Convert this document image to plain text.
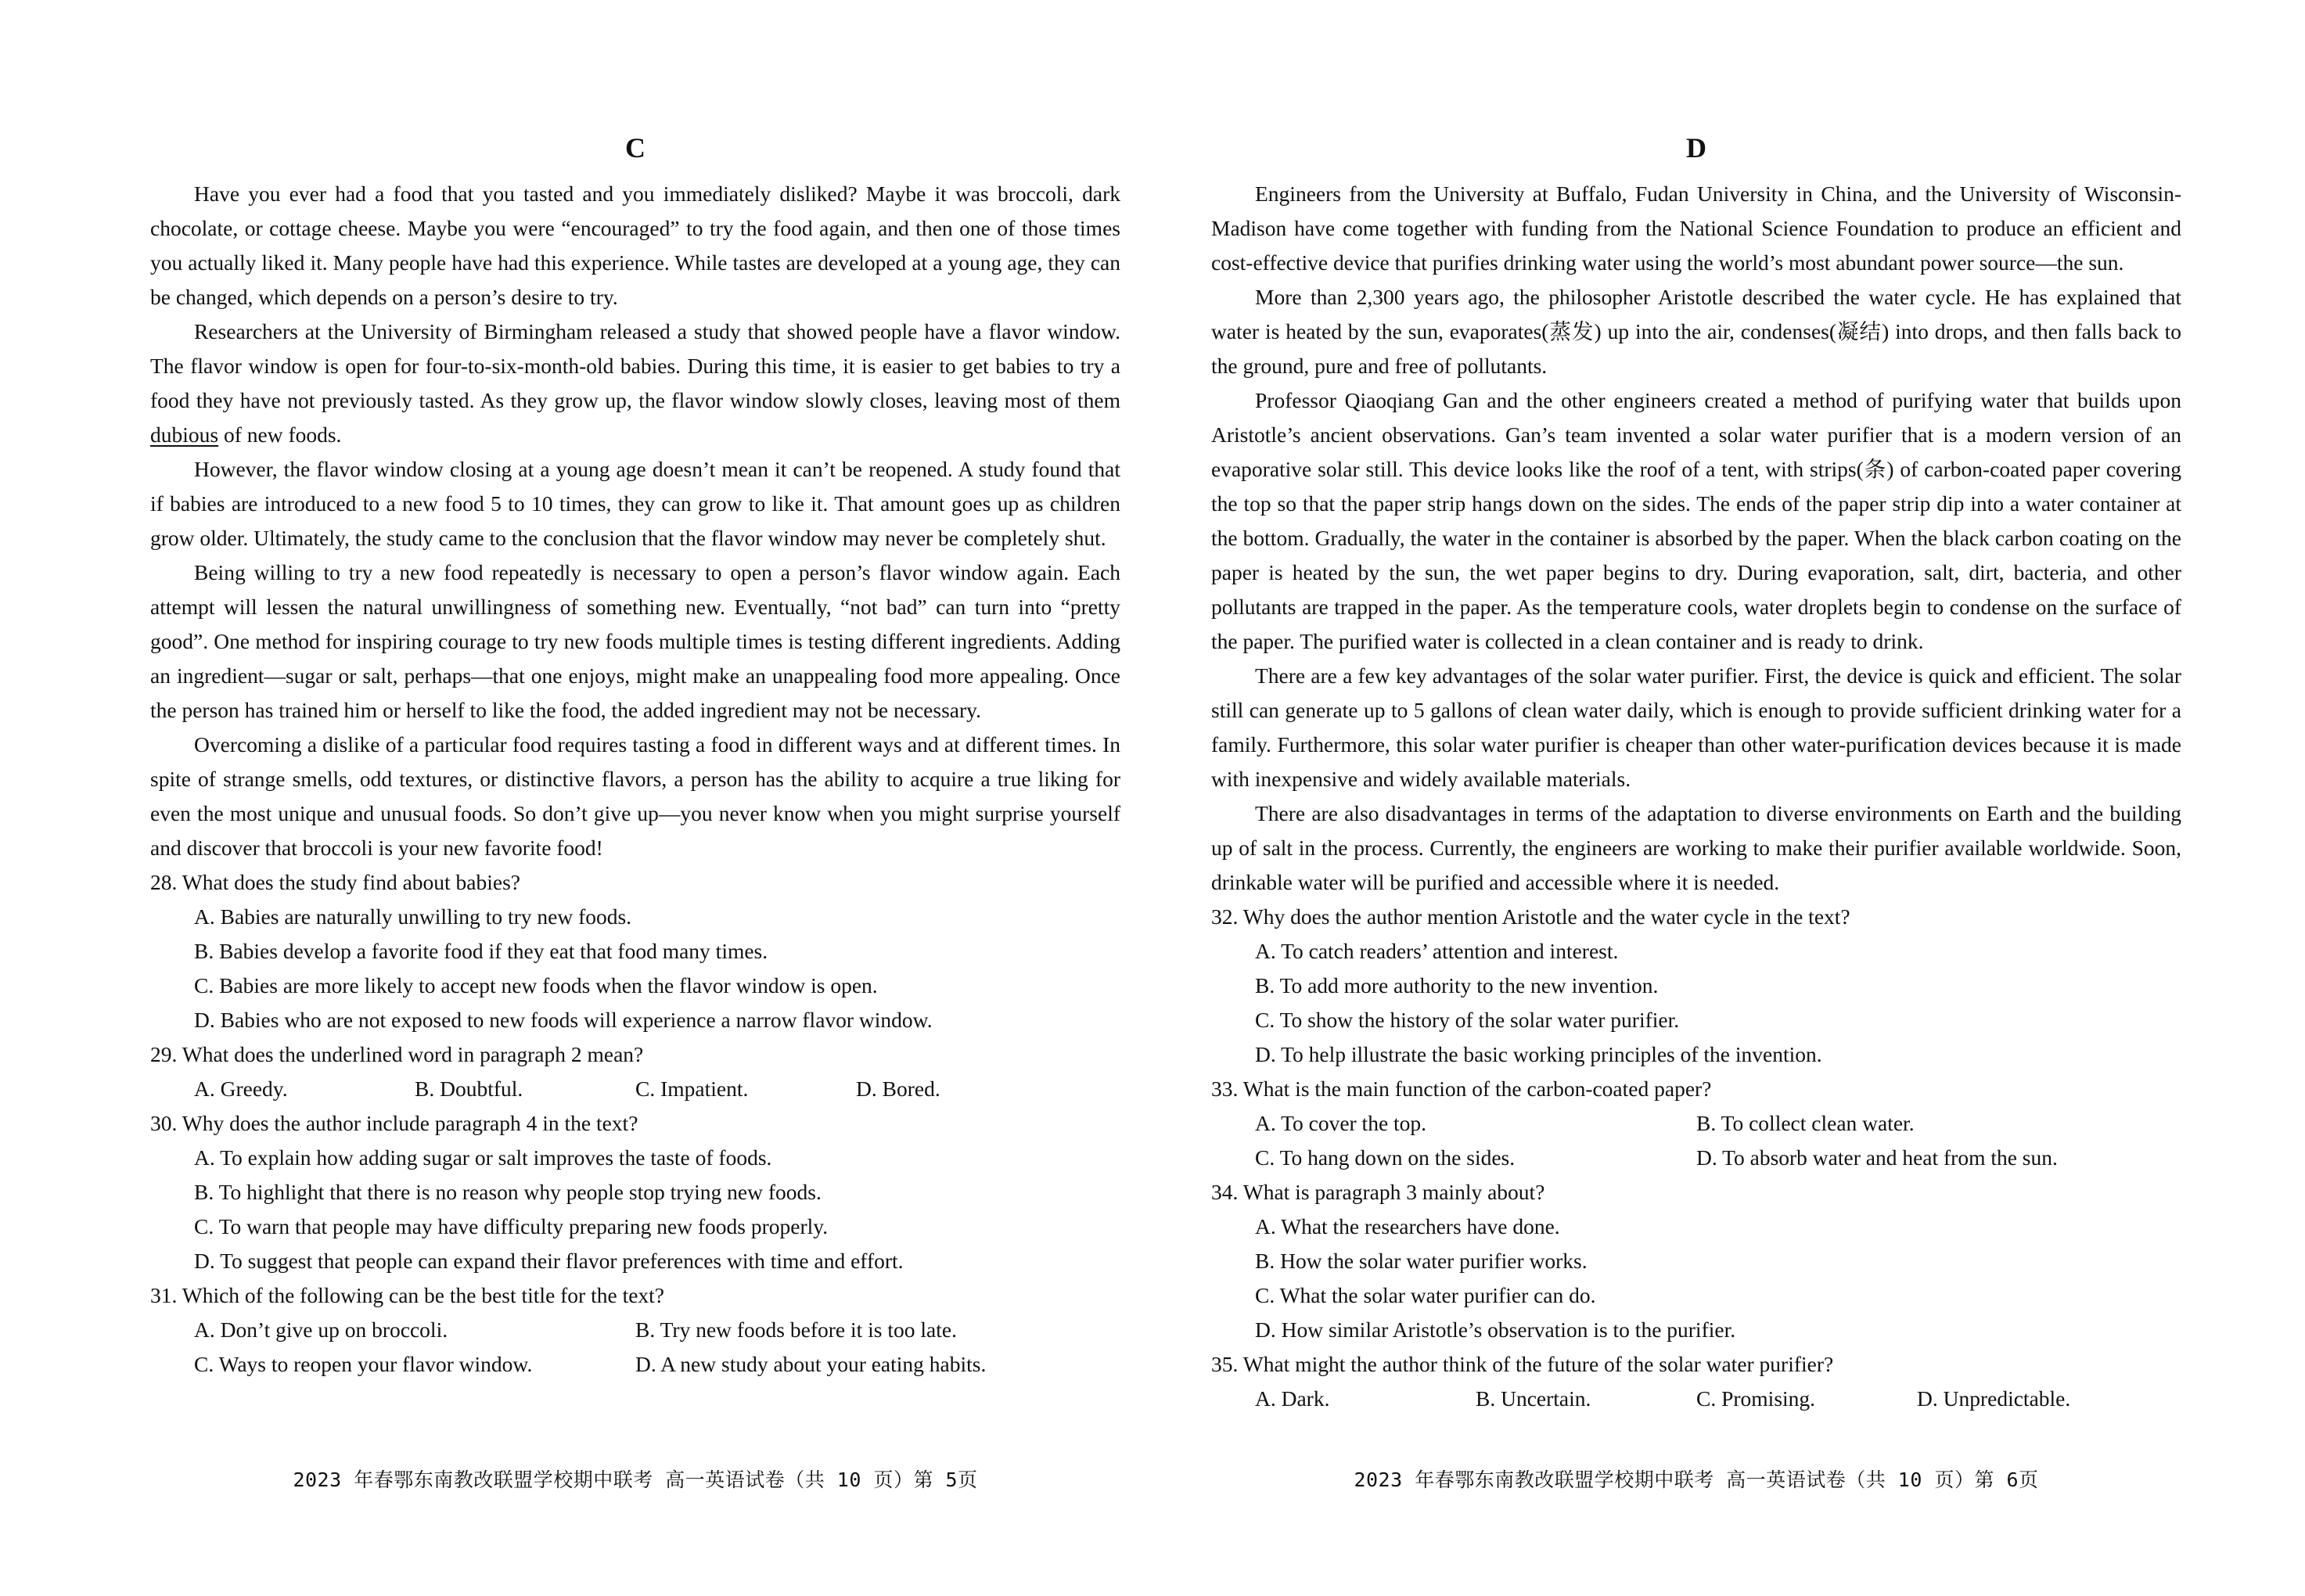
C

Have you ever had a food that you tasted and you immediately disliked? Maybe it was broccoli, dark chocolate, or cottage cheese. Maybe you were “encouraged” to try the food again, and then one of those times you actually liked it. Many people have had this experience. While tastes are developed at a young age, they can be changed, which depends on a person’s desire to try.

Researchers at the University of Birmingham released a study that showed people have a flavor window. The flavor window is open for four-to-six-month-old babies. During this time, it is easier to get babies to try a food they have not previously tasted. As they grow up, the flavor window slowly closes, leaving most of them dubious of new foods.

However, the flavor window closing at a young age doesn’t mean it can’t be reopened. A study found that if babies are introduced to a new food 5 to 10 times, they can grow to like it. That amount goes up as children grow older. Ultimately, the study came to the conclusion that the flavor window may never be completely shut.

Being willing to try a new food repeatedly is necessary to open a person’s flavor window again. Each attempt will lessen the natural unwillingness of something new. Eventually, “not bad” can turn into “pretty good”. One method for inspiring courage to try new foods multiple times is testing different ingredients. Adding an ingredient—sugar or salt, perhaps—that one enjoys, might make an unappealing food more appealing. Once the person has trained him or herself to like the food, the added ingredient may not be necessary.

Overcoming a dislike of a particular food requires tasting a food in different ways and at different times. In spite of strange smells, odd textures, or distinctive flavors, a person has the ability to acquire a true liking for even the most unique and unusual foods. So don’t give up—you never know when you might surprise yourself and discover that broccoli is your new favorite food!

28. What does the study find about babies?

A. Babies are naturally unwilling to try new foods.

B. Babies develop a favorite food if they eat that food many times.

C. Babies are more likely to accept new foods when the flavor window is open.

D. Babies who are not exposed to new foods will experience a narrow flavor window.

29. What does the underlined word in paragraph 2 mean?

A. Greedy.	B. Doubtful.	C. Impatient.	D. Bored.

30. Why does the author include paragraph 4 in the text?

A. To explain how adding sugar or salt improves the taste of foods.

B. To highlight that there is no reason why people stop trying new foods.

C. To warn that people may have difficulty preparing new foods properly.

D. To suggest that people can expand their flavor preferences with time and effort.

31. Which of the following can be the best title for the text?

A. Don’t give up on broccoli.	B. Try new foods before it is too late.
C. Ways to reopen your flavor window.	D. A new study about your eating habits.
2023 年春鄂东南教改联盟学校期中联考 高一英语试卷（共 10 页）第 5页
D

Engineers from the University at Buffalo, Fudan University in China, and the University of Wisconsin-Madison have come together with funding from the National Science Foundation to produce an efficient and cost-effective device that purifies drinking water using the world’s most abundant power source—the sun.

More than 2,300 years ago, the philosopher Aristotle described the water cycle. He has explained that water is heated by the sun, evaporates(蒸发) up into the air, condenses(凝结) into drops, and then falls back to the ground, pure and free of pollutants.

Professor Qiaoqiang Gan and the other engineers created a method of purifying water that builds upon Aristotle’s ancient observations. Gan’s team invented a solar water purifier that is a modern version of an evaporative solar still. This device looks like the roof of a tent, with strips(条) of carbon-coated paper covering the top so that the paper strip hangs down on the sides. The ends of the paper strip dip into a water container at the bottom. Gradually, the water in the container is absorbed by the paper. When the black carbon coating on the paper is heated by the sun, the wet paper begins to dry. During evaporation, salt, dirt, bacteria, and other pollutants are trapped in the paper. As the temperature cools, water droplets begin to condense on the surface of the paper. The purified water is collected in a clean container and is ready to drink.

There are a few key advantages of the solar water purifier. First, the device is quick and efficient. The solar still can generate up to 5 gallons of clean water daily, which is enough to provide sufficient drinking water for a family. Furthermore, this solar water purifier is cheaper than other water-purification devices because it is made with inexpensive and widely available materials.

There are also disadvantages in terms of the adaptation to diverse environments on Earth and the building up of salt in the process. Currently, the engineers are working to make their purifier available worldwide. Soon, drinkable water will be purified and accessible where it is needed.

32. Why does the author mention Aristotle and the water cycle in the text?

A. To catch readers’ attention and interest.

B. To add more authority to the new invention.

C. To show the history of the solar water purifier.

D. To help illustrate the basic working principles of the invention.

33. What is the main function of the carbon-coated paper?

A. To cover the top.	B. To collect clean water.
C. To hang down on the sides.	D. To absorb water and heat from the sun.

34. What is paragraph 3 mainly about?

A. What the researchers have done.

B. How the solar water purifier works.

C. What the solar water purifier can do.

D. How similar Aristotle’s observation is to the purifier.

35. What might the author think of the future of the solar water purifier?

A. Dark.	B. Uncertain.	C. Promising.	D. Unpredictable.
2023 年春鄂东南教改联盟学校期中联考 高一英语试卷（共 10 页）第 6页
